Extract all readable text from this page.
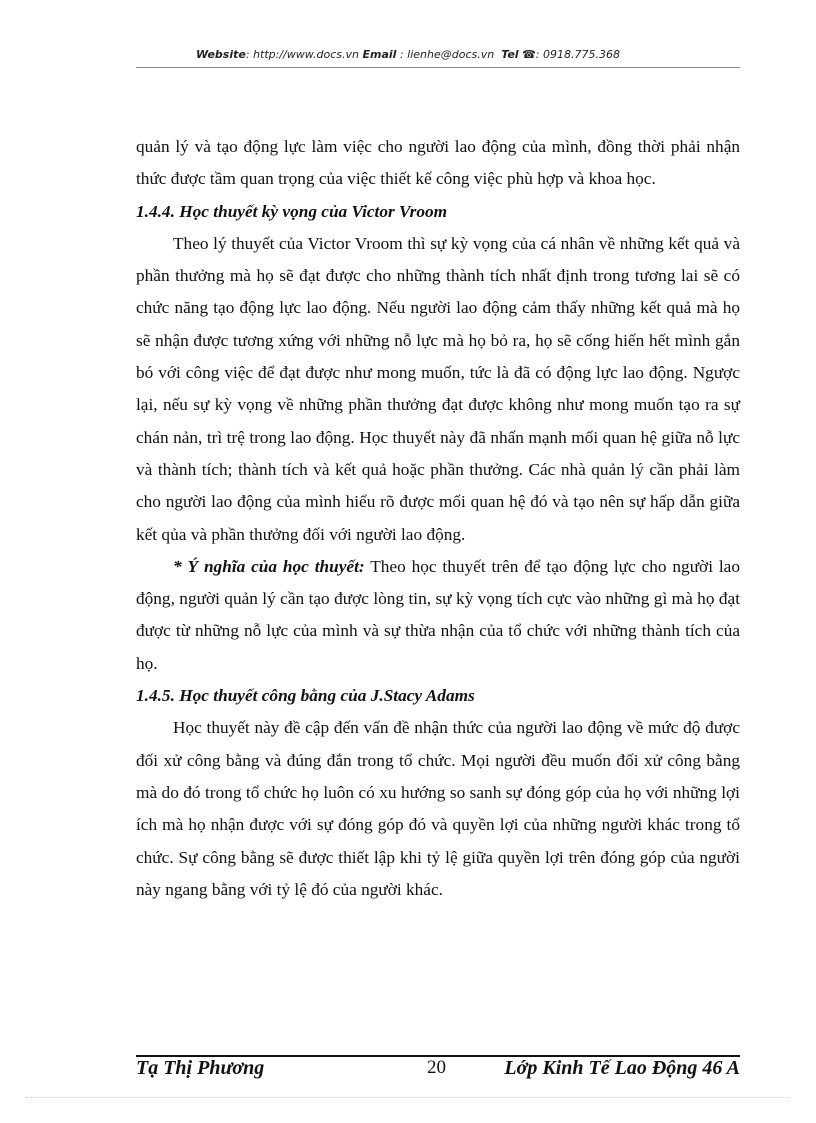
Website: http://www.docs.vn Email : lienhe@docs.vn Tel ☎: 0918.775.368

quản lý và tạo động lực làm việc cho người lao động của mình, đồng thời phải nhận thức được tầm quan trọng của việc thiết kế công việc phù hợp và khoa học.

1.4.4. Học thuyết kỳ vọng của Victor Vroom

Theo lý thuyết của Victor Vroom thì sự kỳ vọng của cá nhân về những kết quả và phần thưởng mà họ sẽ đạt được cho những thành tích nhất định trong tương lai sẽ có chức năng tạo động lực lao động. Nếu người lao động cảm thấy những kết quả mà họ sẽ nhận được tương xứng với những nỗ lực mà họ bỏ ra, họ sẽ cống hiến hết mình gắn bó với công việc để đạt được như mong muốn, tức là đã có động lực lao động. Ngược lại, nếu sự kỳ vọng về những phần thưởng đạt được không như mong muốn tạo ra sự chán nản, trì trệ trong lao động. Học thuyết này đã nhấn mạnh mối quan hệ giữa nỗ lực và thành tích; thành tích và kết quả hoặc phần thưởng. Các nhà quản lý cần phải làm cho người lao động của mình hiểu rõ được mối quan hệ đó và tạo nên sự hấp dẫn giữa kết qủa và phần thưởng đối với người lao động.

* Ý nghĩa của học thuyết: Theo học thuyết trên để tạo động lực cho người lao động, người quản lý cần tạo được lòng tin, sự kỳ vọng tích cực vào những gì mà họ đạt được từ những nỗ lực của mình và sự thừa nhận của tổ chức với những thành tích của họ.

1.4.5. Học thuyết công bằng của J.Stacy Adams

Học thuyết này đề cập đến vấn đề nhận thức của người lao động về mức độ được đối xử công bằng và đúng đắn trong tổ chức. Mọi người đều muốn đối xử công bằng mà do đó trong tổ chức họ luôn có xu hướng so sanh sự đóng góp của họ với những lợi ích mà họ nhận được với sự đóng góp đó và quyền lợi của những người khác trong tổ chức. Sự công bằng sẽ được thiết lập khi tỷ lệ giữa quyền lợi trên đóng góp của người này ngang bằng với tỷ lệ đó của người khác.

Tạ Thị Phương	20	Lớp Kinh Tế Lao Động 46 A
